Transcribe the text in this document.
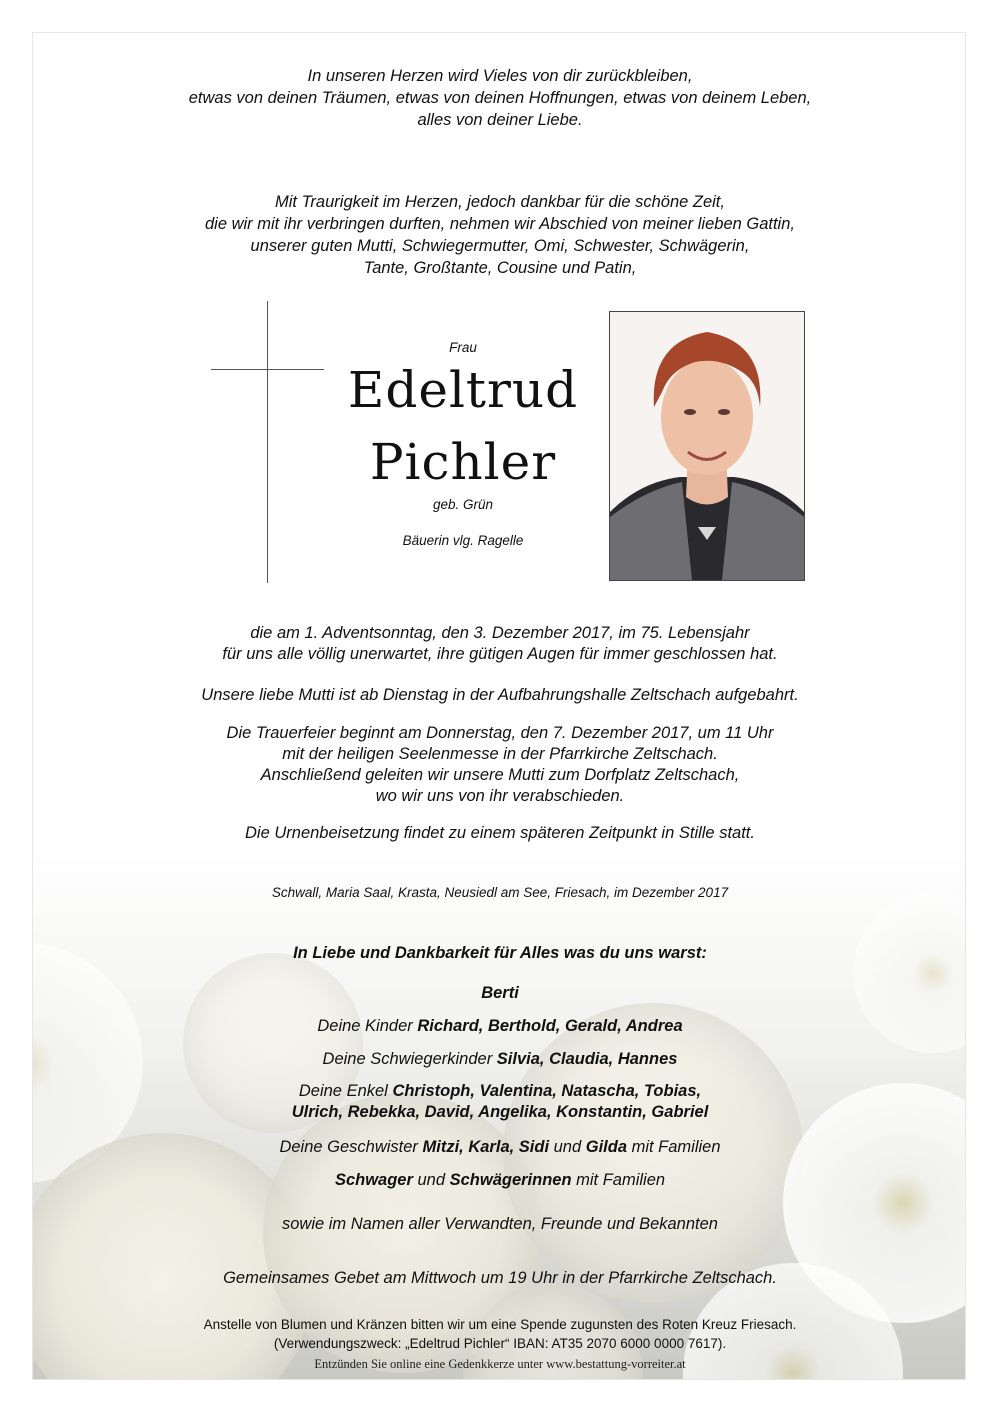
In unseren Herzen wird Vieles von dir zurückbleiben,
etwas von deinen Träumen, etwas von deinen Hoffnungen, etwas von deinem Leben,
alles von deiner Liebe.
Mit Traurigkeit im Herzen, jedoch dankbar für die schöne Zeit,
die wir mit ihr verbringen durften, nehmen wir Abschied von meiner lieben Gattin,
unserer guten Mutti, Schwiegermutter, Omi, Schwester, Schwägerin,
Tante, Großtante, Cousine und Patin,
Frau
Edeltrud
Pichler
geb. Grün
Bäuerin vlg. Ragelle
die am 1. Adventsonntag, den 3. Dezember 2017, im 75. Lebensjahr
für uns alle völlig unerwartet, ihre gütigen Augen für immer geschlossen hat.
Unsere liebe Mutti ist ab Dienstag in der Aufbahrungshalle Zeltschach aufgebahrt.
Die Trauerfeier beginnt am Donnerstag, den 7. Dezember 2017, um 11 Uhr
mit der heiligen Seelenmesse in der Pfarrkirche Zeltschach.
Anschließend geleiten wir unsere Mutti zum Dorfplatz Zeltschach,
wo wir uns von ihr verabschieden.
Die Urnenbeisetzung findet zu einem späteren Zeitpunkt in Stille statt.
Schwall, Maria Saal, Krasta, Neusiedl am See, Friesach, im Dezember 2017
In Liebe und Dankbarkeit für Alles was du uns warst:
Berti
Deine Kinder Richard, Berthold, Gerald, Andrea
Deine Schwiegerkinder Silvia, Claudia, Hannes
Deine Enkel Christoph, Valentina, Natascha, Tobias,
Ulrich, Rebekka, David, Angelika, Konstantin, Gabriel
Deine Geschwister Mitzi, Karla, Sidi und Gilda mit Familien
Schwager und Schwägerinnen mit Familien
sowie im Namen aller Verwandten, Freunde und Bekannten
Gemeinsames Gebet am Mittwoch um 19 Uhr in der Pfarrkirche Zeltschach.
Anstelle von Blumen und Kränzen bitten wir um eine Spende zugunsten des Roten Kreuz Friesach.
(Verwendungszweck: „Edeltrud Pichler“ IBAN: AT35 2070 6000 0000 7617).
Entzünden Sie online eine Gedenkkerze unter www.bestattung-vorreiter.at
